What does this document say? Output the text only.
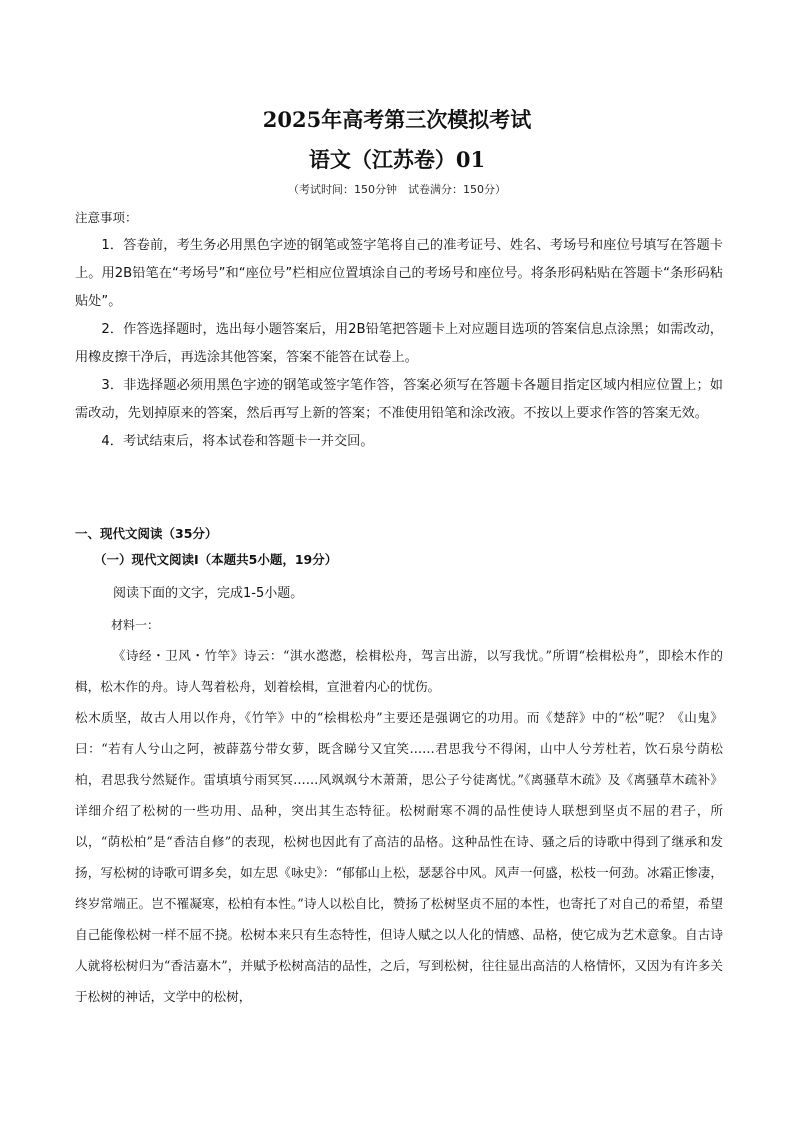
2025年高考第三次模拟考试
语文（江苏卷）01
（考试时间：150分钟　试卷满分：150分）
注意事项：

1．答卷前，考生务必用黑色字迹的钢笔或签字笔将自己的准考证号、姓名、考场号和座位号填写在答题卡上。用2B铅笔在“考场号”和“座位号”栏相应位置填涂自己的考场号和座位号。将条形码粘贴在答题卡“条形码粘贴处”。

2．作答选择题时，选出每小题答案后，用2B铅笔把答题卡上对应题目选项的答案信息点涂黑；如需改动，用橡皮擦干净后，再选涂其他答案，答案不能答在试卷上。

3．非选择题必须用黑色字迹的钢笔或签字笔作答，答案必须写在答题卡各题目指定区域内相应位置上；如需改动，先划掉原来的答案，然后再写上新的答案；不准使用铅笔和涂改液。不按以上要求作答的答案无效。

4．考试结束后，将本试卷和答题卡一并交回。

一、现代文阅读（35分）
（一）现代文阅读Ⅰ（本题共5小题，19分）
阅读下面的文字，完成1-5小题。
材料一：

《诗经・卫风・竹竿》诗云：“淇水滺滺，桧楫松舟，驾言出游，以写我忧。”所谓“桧楫松舟”，即桧木作的楫，松木作的舟。诗人驾着松舟，划着桧楫，宣泄着内心的忧伤。

松木质坚，故古人用以作舟，《竹竿》中的“桧楫松舟”主要还是强调它的功用。而《楚辞》中的“松”呢？《山鬼》曰：“若有人兮山之阿，被薜荔兮带女萝，既含睇兮又宜笑……君思我兮不得闲，山中人兮芳杜若，饮石泉兮荫松柏，君思我兮然疑作。雷填填兮雨冥冥……风飒飒兮木萧萧，思公子兮徒离忧。”《离骚草木疏》及《离骚草木疏补》详细介绍了松树的一些功用、品种，突出其生态特征。松树耐寒不凋的品性使诗人联想到坚贞不屈的君子，所以，“荫松柏”是“香洁自修”的表现，松树也因此有了高洁的品格。这种品性在诗、骚之后的诗歌中得到了继承和发扬，写松树的诗歌可谓多矣，如左思《咏史》：“郁郁山上松，瑟瑟谷中风。风声一何盛，松枝一何劲。冰霜正惨凄，终岁常端正。岂不罹凝寒，松柏有本性。”诗人以松自比，赞扬了松树坚贞不屈的本性，也寄托了对自己的希望，希望自己能像松树一样不屈不挠。松树本来只有生态特性，但诗人赋之以人化的情感、品格，使它成为艺术意象。自古诗人就将松树归为“香洁嘉木”，并赋予松树高洁的品性，之后，写到松树，往往显出高洁的人格情怀，又因为有许多关于松树的神话，文学中的松树，
